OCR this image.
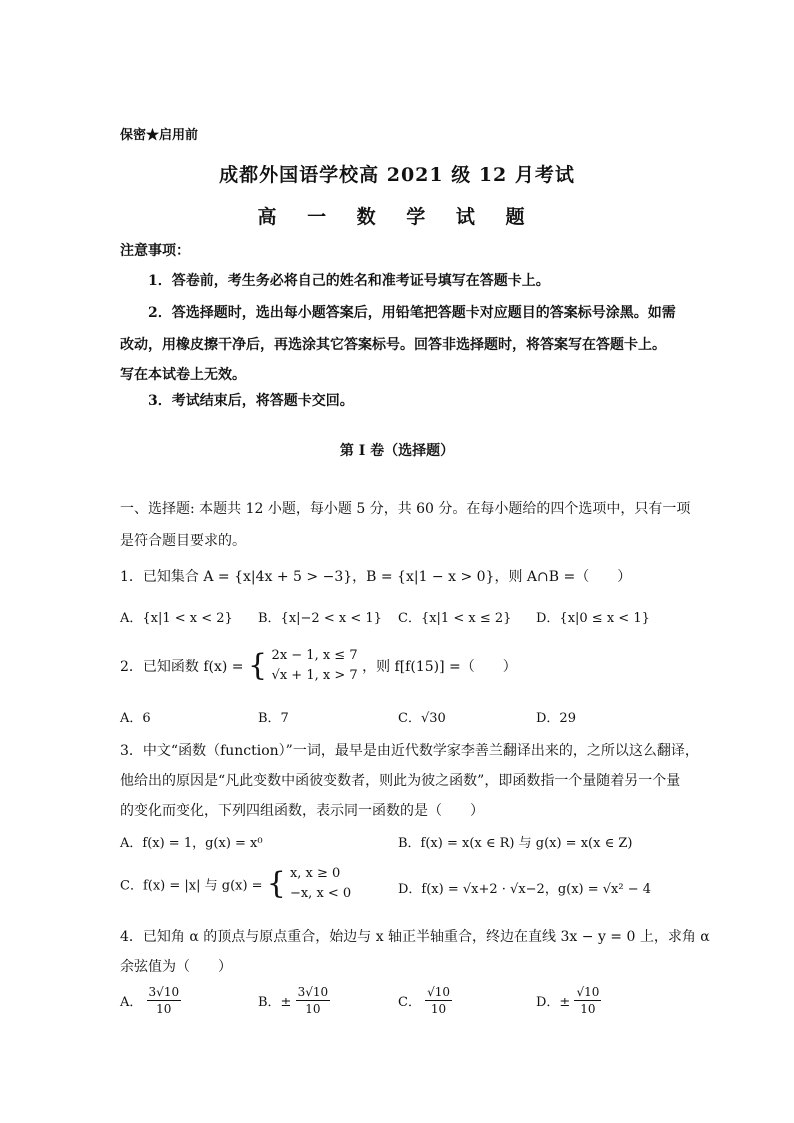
保密★启用前
成都外国语学校高 2021 级 12 月考试
高 一 数 学 试 题
注意事项：
1．答卷前，考生务必将自己的姓名和准考证号填写在答题卡上。
2．答选择题时，选出每小题答案后，用铅笔把答题卡对应题目的答案标号涂黑。如需
改动，用橡皮擦干净后，再选涂其它答案标号。回答非选择题时，将答案写在答题卡上。
写在本试卷上无效。
3．考试结束后，将答题卡交回。
第 I 卷（选择题）
一、选择题: 本题共 12 小题，每小题 5 分，共 60 分。在每小题给的四个选项中，只有一项
是符合题目要求的。
1．已知集合 A = {x|4x + 5 > −3}，B = {x|1 − x > 0}，则 A∩B =（　　）
A．{x|1 < x < 2} B．{x|−2 < x < 1} C．{x|1 < x ≤ 2} D．{x|0 ≤ x < 1}
2．已知函数 f(x) = { 2x − 1, x ≤ 7
√x + 1, x > 7
，则 f[f(15)] =（　　）
A．6	B．7	C．√30	D．29
3．中文“函数（function）”一词，最早是由近代数学家李善兰翻译出来的，之所以这么翻译，
他给出的原因是“凡此变数中函彼变数者，则此为彼之函数”，即函数指一个量随着另一个量
的变化而变化，下列四组函数，表示同一函数的是（　　）
A．f(x) = 1，g(x) = x⁰	B．f(x) = x(x ∈ R) 与 g(x) = x(x ∈ Z)
C．f(x) = |x| 与 g(x) = { x, x ≥ 0
−x, x < 0	D．f(x) = √x+2 · √x−2，g(x) = √x² − 4
4．已知角 α 的顶点与原点重合，始边与 x 轴正半轴重合，终边在直线 3x − y = 0 上，求角 α
余弦值为（　　）
A． $\frac{3√10}{10}$	B．± $\frac{3√10}{10}$	C． $\frac{√10}{10}$	D．± $\frac{√10}{10}$
